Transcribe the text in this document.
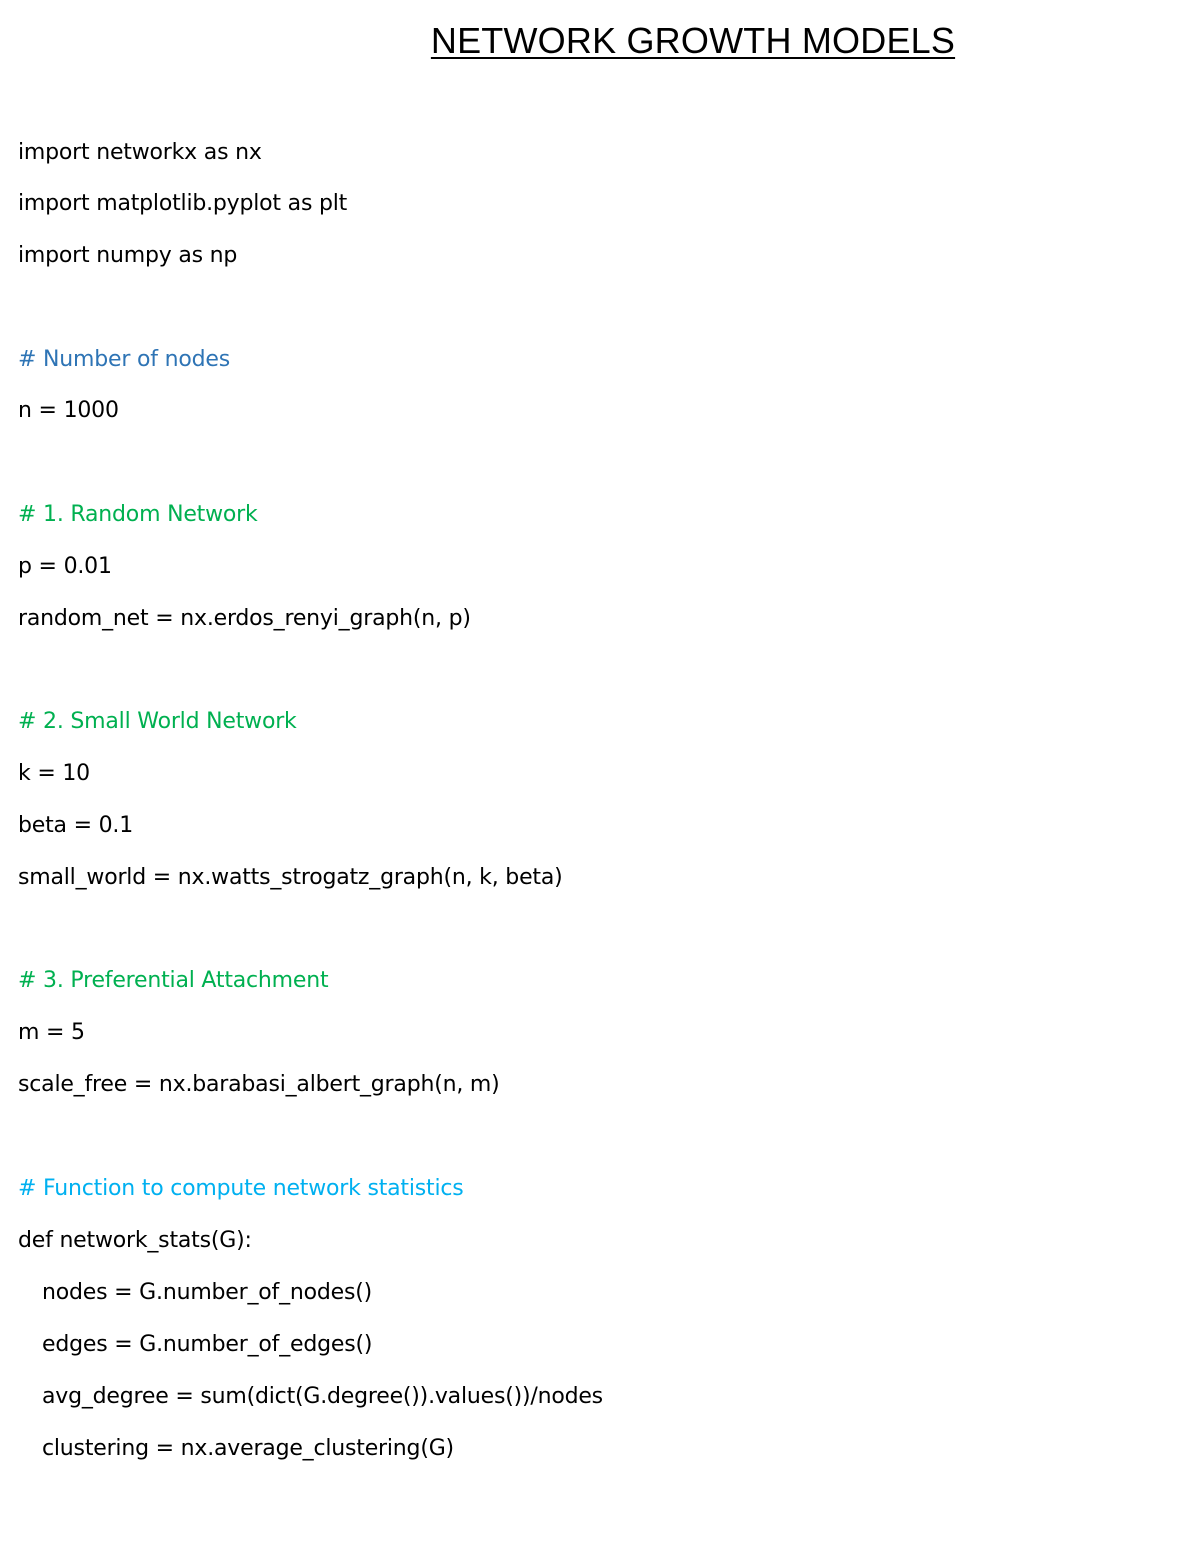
NETWORK GROWTH MODELS
import networkx as nx
import matplotlib.pyplot as plt
import numpy as np
# Number of nodes
n = 1000
# 1. Random Network
p = 0.01
random_net = nx.erdos_renyi_graph(n, p)
# 2. Small World Network
k = 10
beta = 0.1
small_world = nx.watts_strogatz_graph(n, k, beta)
# 3. Preferential Attachment
m = 5
scale_free = nx.barabasi_albert_graph(n, m)
# Function to compute network statistics
def network_stats(G):
nodes = G.number_of_nodes()
edges = G.number_of_edges()
avg_degree = sum(dict(G.degree()).values())/nodes
clustering = nx.average_clustering(G)
